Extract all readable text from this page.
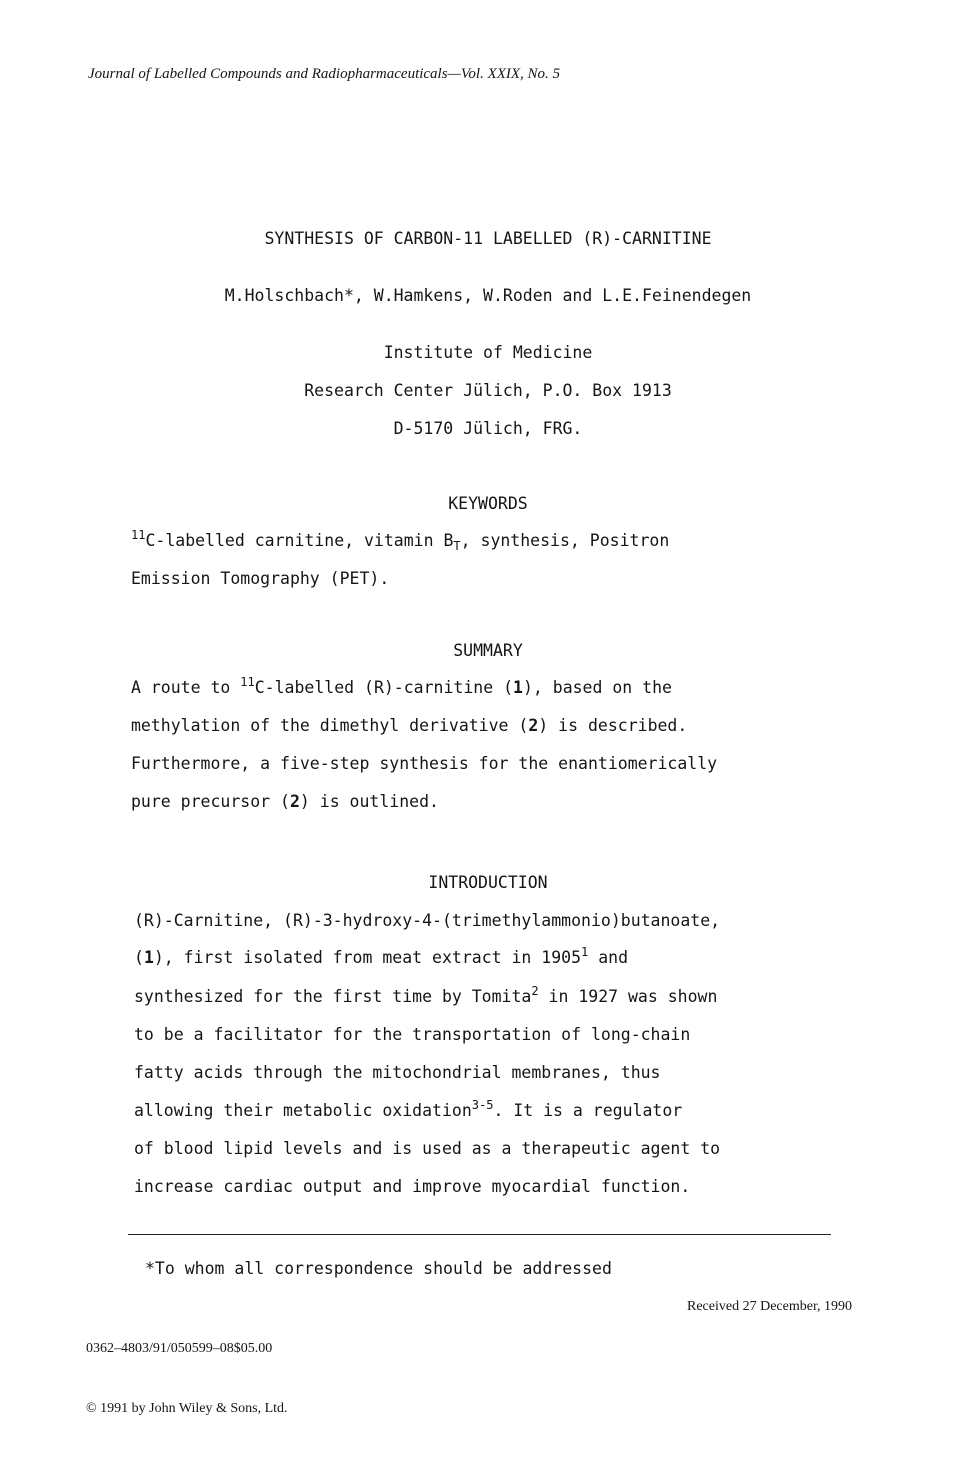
Journal of Labelled Compounds and Radiopharmaceuticals—Vol. XXIX, No. 5
SYNTHESIS OF CARBON-11 LABELLED (R)-CARNITINE
M.Holschbach*, W.Hamkens, W.Roden and L.E.Feinendegen
Institute of Medicine
Research Center Jülich, P.O. Box 1913
D-5170 Jülich, FRG.
KEYWORDS
$^{11}$C-labelled carnitine, vitamin $B_T$, synthesis, Positron
Emission Tomography (PET).
SUMMARY
A route to $^{11}$C-labelled (R)-carnitine (1), based on the
methylation of the dimethyl derivative (2) is described.
Furthermore, a five-step synthesis for the enantiomerically
pure precursor (2) is outlined.
INTRODUCTION
(R)-Carnitine, (R)-3-hydroxy-4-(trimethylammonio)butanoate,
(1), first isolated from meat extract in 1905$^1$ and
synthesized for the first time by Tomita$^2$ in 1927 was shown
to be a facilitator for the transportation of long-chain
fatty acids through the mitochondrial membranes, thus
allowing their metabolic oxidation$^{3-5}$. It is a regulator
of blood lipid levels and is used as a therapeutic agent to
increase cardiac output and improve myocardial function.
*To whom all correspondence should be addressed

0362–4803/91/050599–08$05.00

© 1991 by John Wiley & Sons, Ltd.

Received 27 December, 1990
